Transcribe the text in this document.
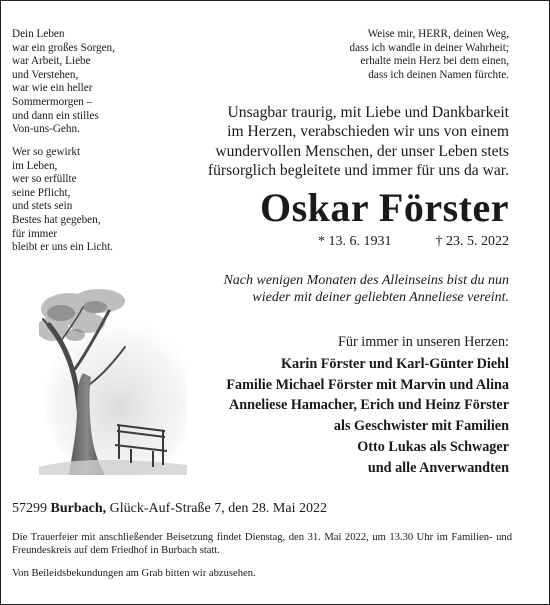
Dein Leben
war ein großes Sorgen,
war Arbeit, Liebe
und Verstehen,
war wie ein heller
Sommermorgen –
und dann ein stilles
Von-uns-Gehn.
Wer so gewirkt
im Leben,
wer so erfüllte
seine Pflicht,
und stets sein
Bestes hat gegeben,
für immer
bleibt er uns ein Licht.
Weise mir, HERR, deinen Weg,
dass ich wandle in deiner Wahrheit;
erhalte mein Herz bei dem einen,
dass ich deinen Namen fürchte.
Unsagbar traurig, mit Liebe und Dankbarkeit
im Herzen, verabschieden wir uns von einem
wundervollen Menschen, der unser Leben stets
fürsorglich begleitete und immer für uns da war.
Oskar Förster
* 13. 6. 1931	† 23. 5. 2022
Nach wenigen Monaten des Alleinseins bist du nun
wieder mit deiner geliebten Anneliese vereint.
Für immer in unseren Herzen:
Karin Förster und Karl-Günter Diehl
Familie Michael Förster mit Marvin und Alina
Anneliese Hamacher, Erich und Heinz Förster
als Geschwister mit Familien
Otto Lukas als Schwager
und alle Anverwandten
57299 Burbach, Glück-Auf-Straße 7, den 28. Mai 2022
Die Trauerfeier mit anschließender Beisetzung findet Dienstag, den 31. Mai 2022, um 13.30 Uhr im Familien- und Freundeskreis auf dem Friedhof in Burbach statt.
Von Beileidsbekundungen am Grab bitten wir abzusehen.
